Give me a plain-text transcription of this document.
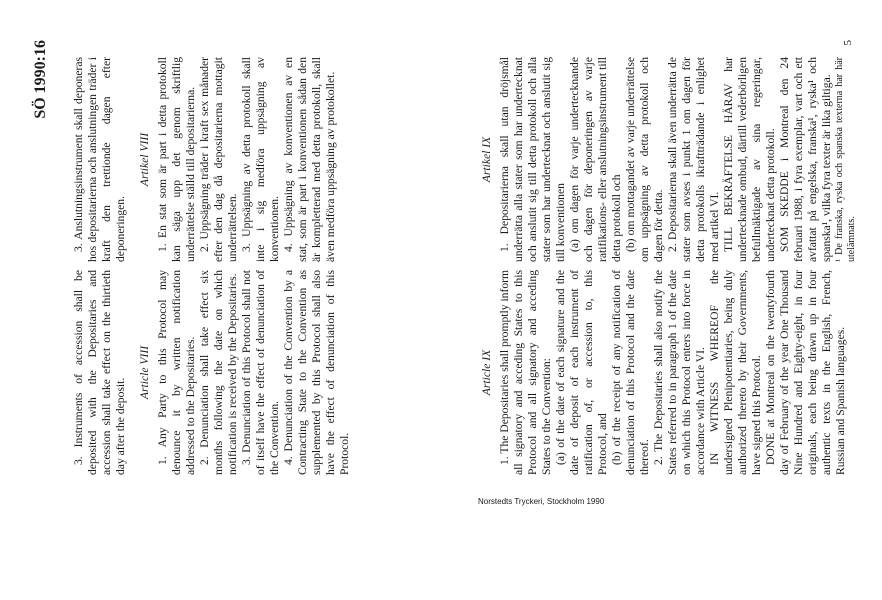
SÖ 1990:16	5

3. Instruments of accession shall be deposited with the Depositaries and accession shall take effect on the thirtieth day after the deposit.

Article VIII 1. Any Party to this Protocol may denounce it by written notification addressed to the Depositaries. 2. Denunciation shall take effect six months following the date on which notification is received by the Depositaries. 3. Denunciation of this Protocol shall not of itself have the effect of denunciation of the Convention. 4. Denunciation of the Convention by a Contracting State to the Convention as supplemented by this Protocol shall also have the effect of denunciation of this Protocol.

Article IX 1. The Depositaries shall promptly inform all signatory and acceding States to this Protocol and all signatory and acceding States to the Convention: (a) of the date of each signature and the date of deposit of each instrument of ratification of, or accession to, this Protocol, and (b) of the receipt of any notification of denunciation of this Protocol and the date thereof. 2. The Depositaries shall also notify the States referred to in paragraph 1 of the date on which this Protocol enters into force in accordance with Article VI. IN WITNESS WHEREOF the undersigned Plenipotentiaries, being duly authorized thereto by their Governments, have signed this Protocol. DONE at Montreal on the twentyfourth day of February of the year One Thousand Nine Hundred and Eighty-eight, in four originals, each being drawn up in four authentic texts in the English, French, Russian and Spanish languages.

3. Anslutningsinstrument skall deponeras hos depositarierna och anslutningen träder i kraft den trettionde dagen efter deponeringen.

Artikel VIII 1. En stat som är part i detta protokoll kan säga upp det genom skriftlig underrättelse ställd till depositarierna. 2. Uppsägning träder i kraft sex månader efter den dag då depositarierna mottagit underrättelsen. 3. Uppsägning av detta protokoll skall inte i sig medföra uppsägning av konventionen. 4. Uppsägning av konventionen av en stat, som är part i konventionen sådan den är kompletterad med detta protokoll, skall även medföra uppsägning av protokollet.	Artikel IX 1. Depositarierna skall utan dröjsmål underrätta alla stater som har undertecknat och anslutit sig till detta protokoll och alla stater som har undertecknat och anslutit sig till konventionen (a) om dagen för varje undertecknande och dagen för deponeringen av varje ratifikations- eller anslutningsinstrument till detta protokoll och (b) om mottagandet av varje underrättelse om uppsägning av detta protokoll och dagen för detta. 2. Depositarierna skall även underrätta de stater som avses i punkt 1 om dagen för detta protokolls ikraftträdande i enlighet med artikel VI. TILL BEKRÄFTELSE HÄRAV har undertecknade ombud, därtill vederbörligen befullmäktigade av sina regeringar, undertecknat detta protokoll. SOM SKEDDE i Montreal den 24 februari 1988, i fyra exemplar, vart och ett avfattat på engelska, franska¹, ryska¹ och spanska¹, vilka fyra texter är lika giltiga. ¹ De franska, ryska och spanska texterna har här utelämnats.

Norstedts Tryckeri, Stockholm 1990
